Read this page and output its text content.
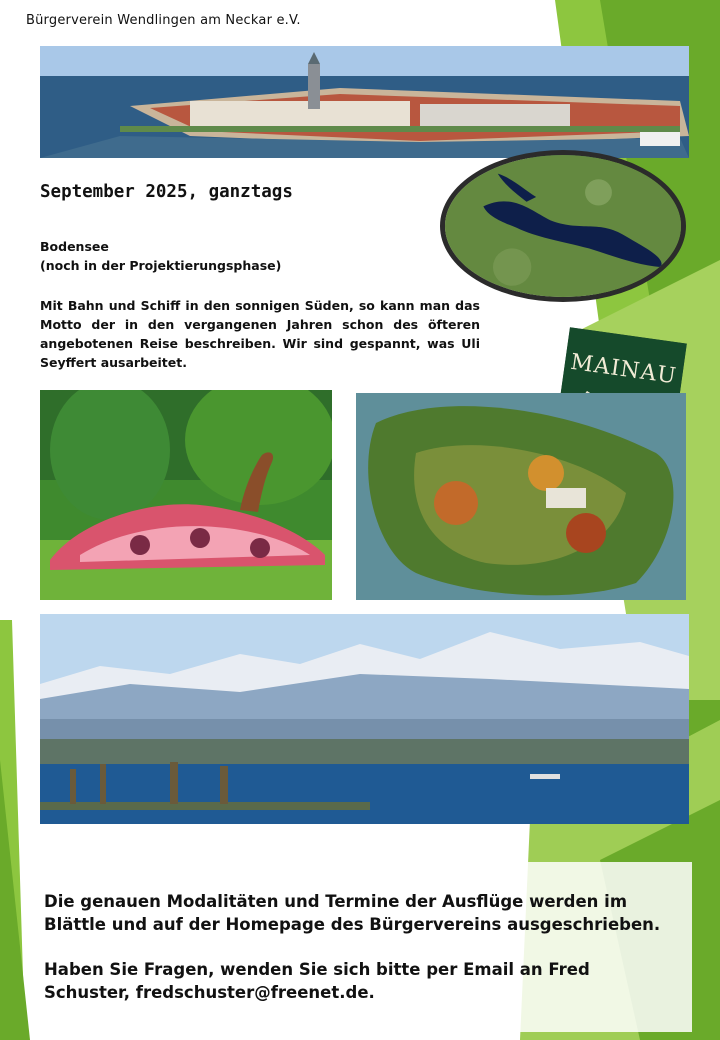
Bürgerverein Wendlingen am Neckar e.V.
September 2025, ganztags
Bodensee
(noch in der Projektierungsphase)
Mit Bahn und Schiff in den sonnigen Süden, so kann man das Motto der in den vergangenen Jahren schon des öfteren angebotenen Reise beschreiben. Wir sind gespannt, was Uli Seyffert ausarbeitet.	MAINAU

Die genauen Modalitäten und Termine der Ausflüge werden im Blättle und auf der Homepage des Bürgervereins ausgeschrieben.

Haben Sie Fragen, wenden Sie sich bitte per Email an Fred Schuster, fredschuster@freenet.de.
